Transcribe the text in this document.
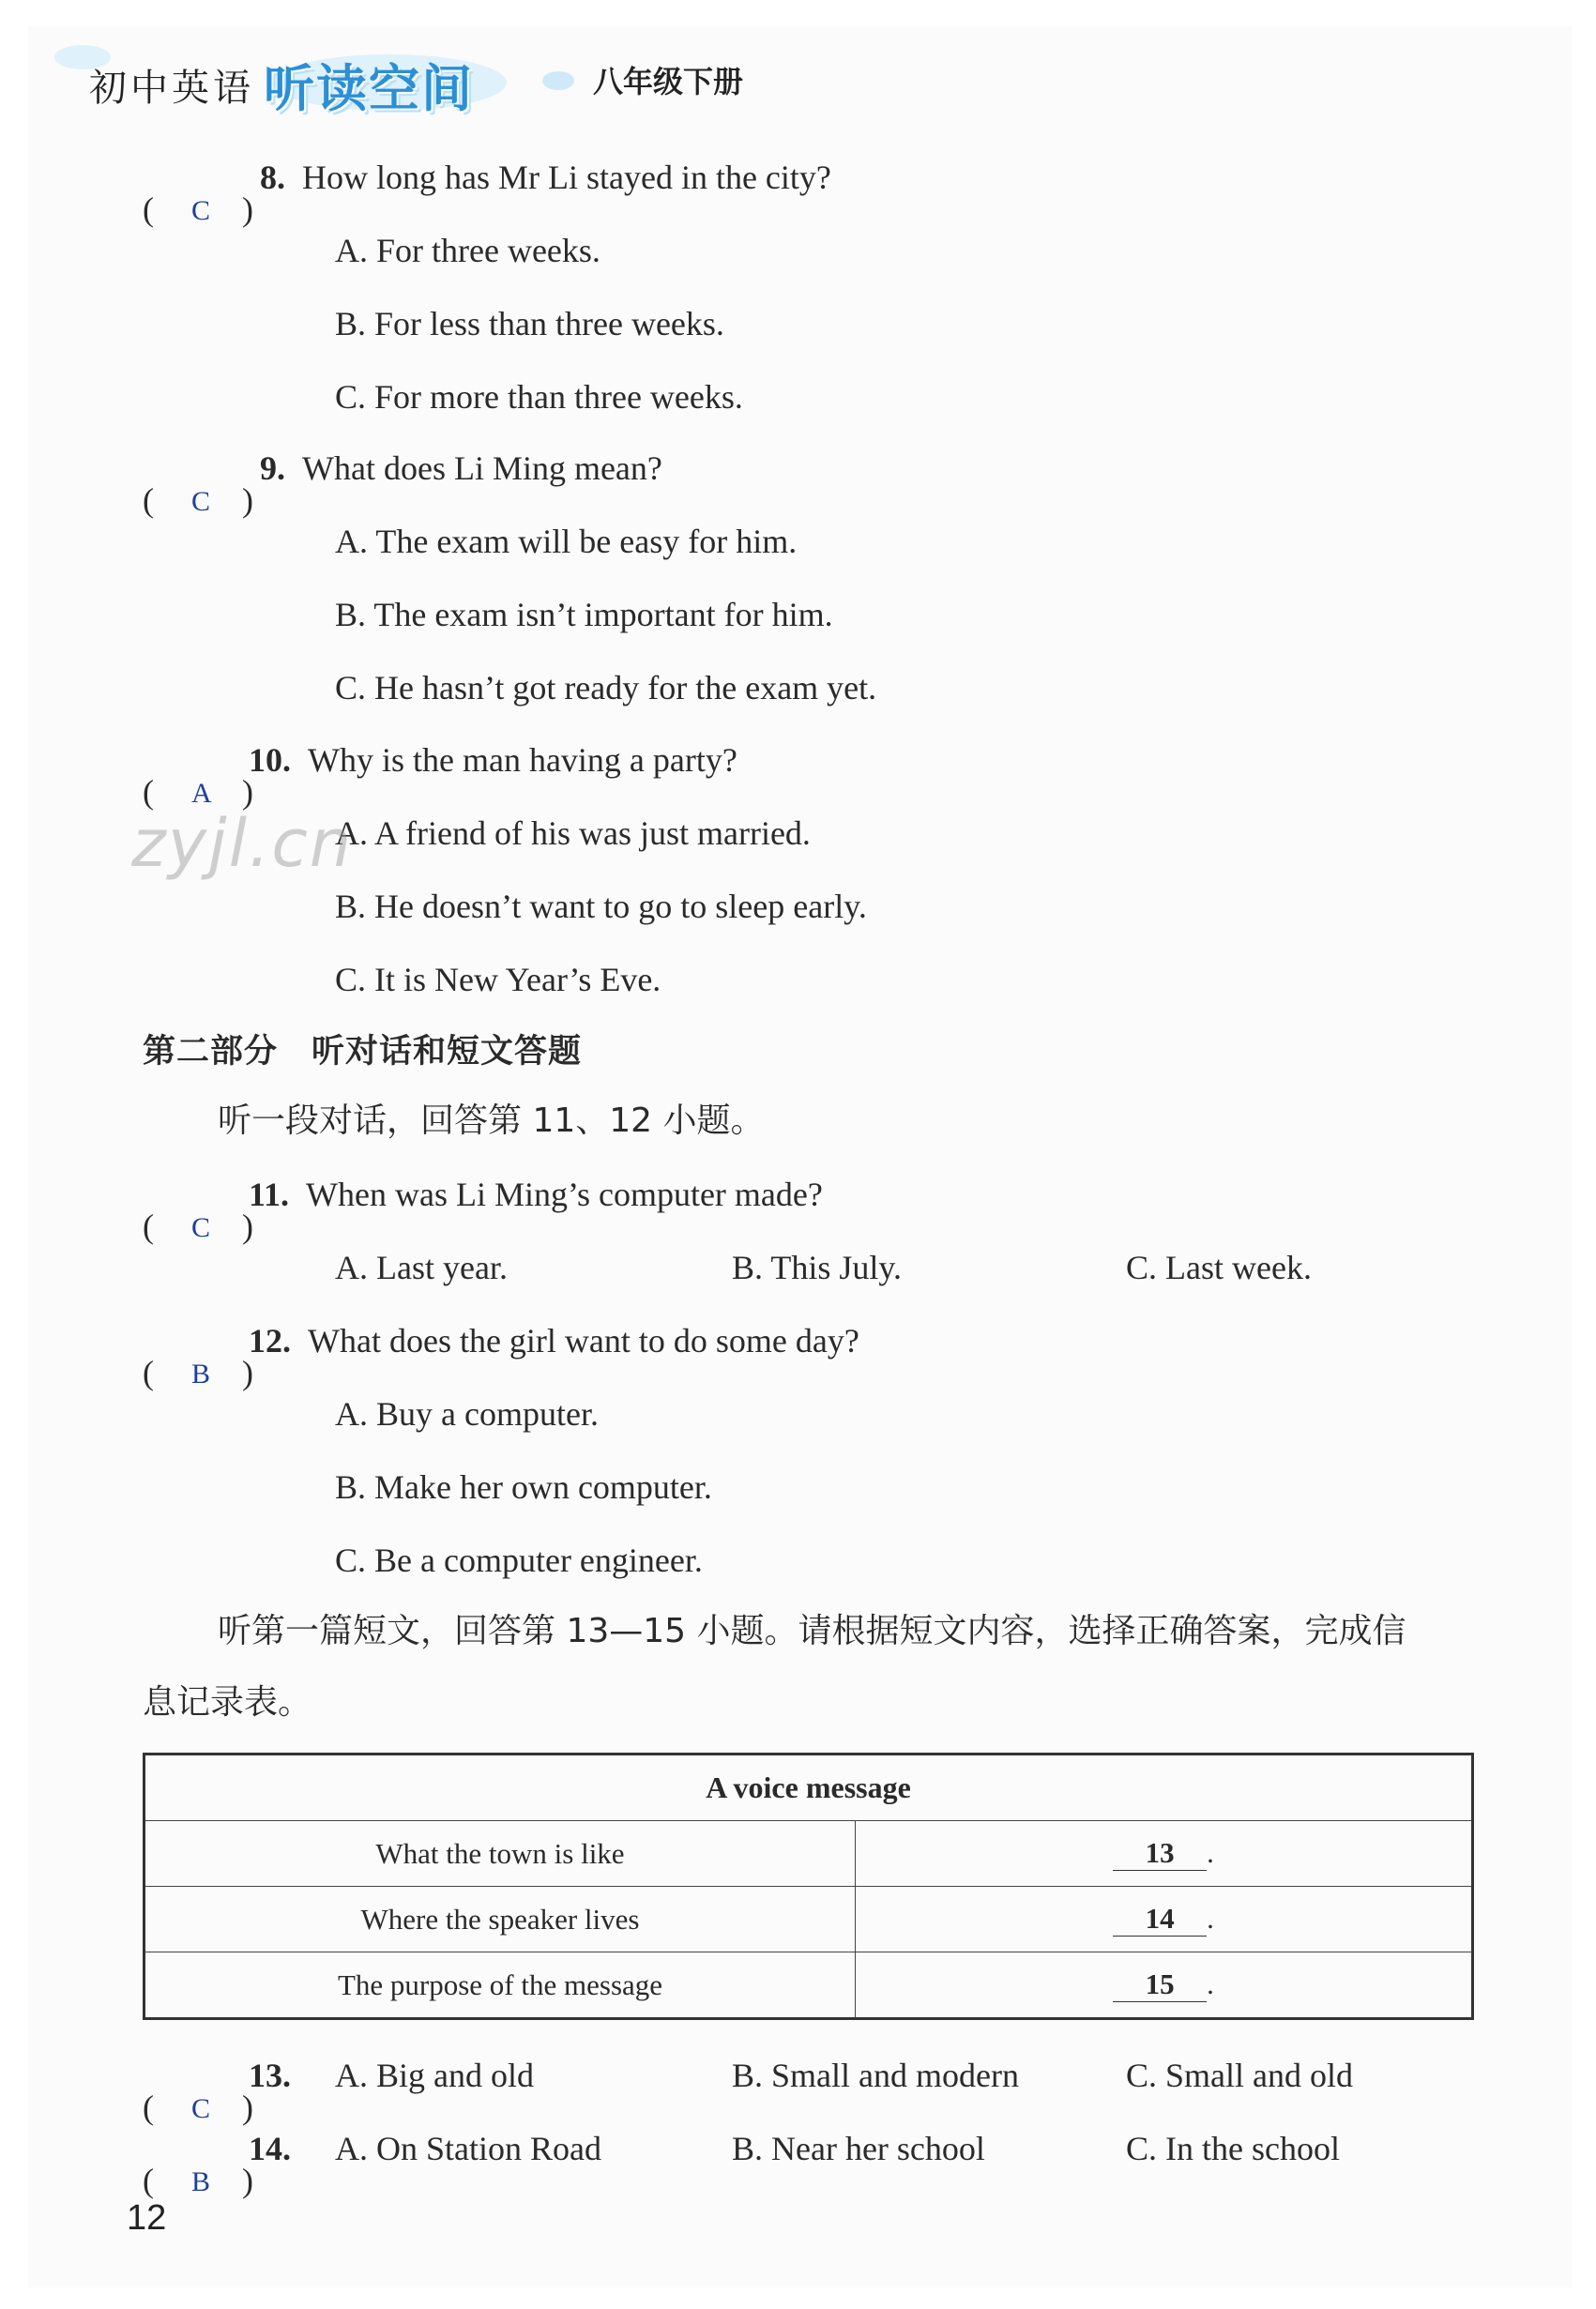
初中英语 听读空间	八年级下册
( C )
8. How long has Mr Li stayed in the city?
A. For three weeks.
B. For less than three weeks.
C. For more than three weeks.
( C )
9. What does Li Ming mean?
A. The exam will be easy for him.
B. The exam isn’t important for him.
C. He hasn’t got ready for the exam yet.
( A )
10. Why is the man having a party?
A. A friend of his was just married.
B. He doesn’t want to go to sleep early.
C. It is New Year’s Eve.
zyjl.cn
第二部分　听对话和短文答题
听一段对话，回答第 11、12 小题。
( C )
11. When was Li Ming’s computer made?
A. Last year.	B. This July.	C. Last week.
( B )
12. What does the girl want to do some day?
A. Buy a computer.
B. Make her own computer.
C. Be a computer engineer.
听第一篇短文，回答第 13—15 小题。请根据短文内容，选择正确答案，完成信
息记录表。
A voice message	
What the town is like	13 .
Where the speaker lives	14 .
The purpose of the message	15 .
( C )
13.	A. Big and old	B. Small and modern	C. Small and old
( B )
14.	A. On Station Road	B. Near her school	C. In the school
12
